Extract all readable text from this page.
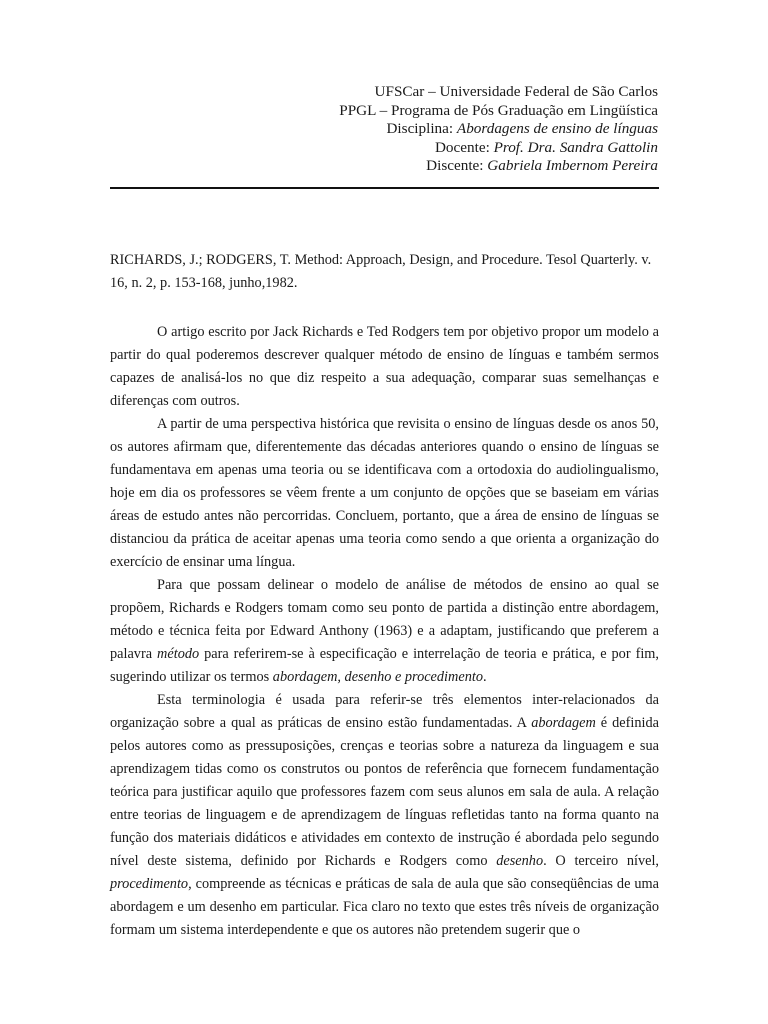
UFSCar – Universidade Federal de São Carlos
PPGL – Programa de Pós Graduação em Lingüística
Disciplina: Abordagens de ensino de línguas
Docente: Prof. Dra. Sandra Gattolin
Discente: Gabriela Imbernom Pereira

RICHARDS, J.; RODGERS, T. Method: Approach, Design, and Procedure. Tesol Quarterly. v. 16, n. 2, p. 153-168, junho,1982.

O artigo escrito por Jack Richards e Ted Rodgers tem por objetivo propor um modelo a partir do qual poderemos descrever qualquer método de ensino de línguas e também sermos capazes de analisá-los no que diz respeito a sua adequação, comparar suas semelhanças e diferenças com outros.

A partir de uma perspectiva histórica que revisita o ensino de línguas desde os anos 50, os autores afirmam que, diferentemente das décadas anteriores quando o ensino de línguas se fundamentava em apenas uma teoria ou se identificava com a ortodoxia do audiolingualismo, hoje em dia os professores se vêem frente a um conjunto de opções que se baseiam em várias áreas de estudo antes não percorridas. Concluem, portanto, que a área de ensino de línguas se distanciou da prática de aceitar apenas uma teoria como sendo a que orienta a organização do exercício de ensinar uma língua.

Para que possam delinear o modelo de análise de métodos de ensino ao qual se propõem, Richards e Rodgers tomam como seu ponto de partida a distinção entre abordagem, método e técnica feita por Edward Anthony (1963) e a adaptam, justificando que preferem a palavra método para referirem-se à especificação e interrelação de teoria e prática, e por fim, sugerindo utilizar os termos abordagem, desenho e procedimento.

Esta terminologia é usada para referir-se três elementos inter-relacionados da organização sobre a qual as práticas de ensino estão fundamentadas. A abordagem é definida pelos autores como as pressuposições, crenças e teorias sobre a natureza da linguagem e sua aprendizagem tidas como os construtos ou pontos de referência que fornecem fundamentação teórica para justificar aquilo que professores fazem com seus alunos em sala de aula. A relação entre teorias de linguagem e de aprendizagem de línguas refletidas tanto na forma quanto na função dos materiais didáticos e atividades em contexto de instrução é abordada pelo segundo nível deste sistema, definido por Richards e Rodgers como desenho. O terceiro nível, procedimento, compreende as técnicas e práticas de sala de aula que são conseqüências de uma abordagem e um desenho em particular. Fica claro no texto que estes três níveis de organização formam um sistema interdependente e que os autores não pretendem sugerir que o
